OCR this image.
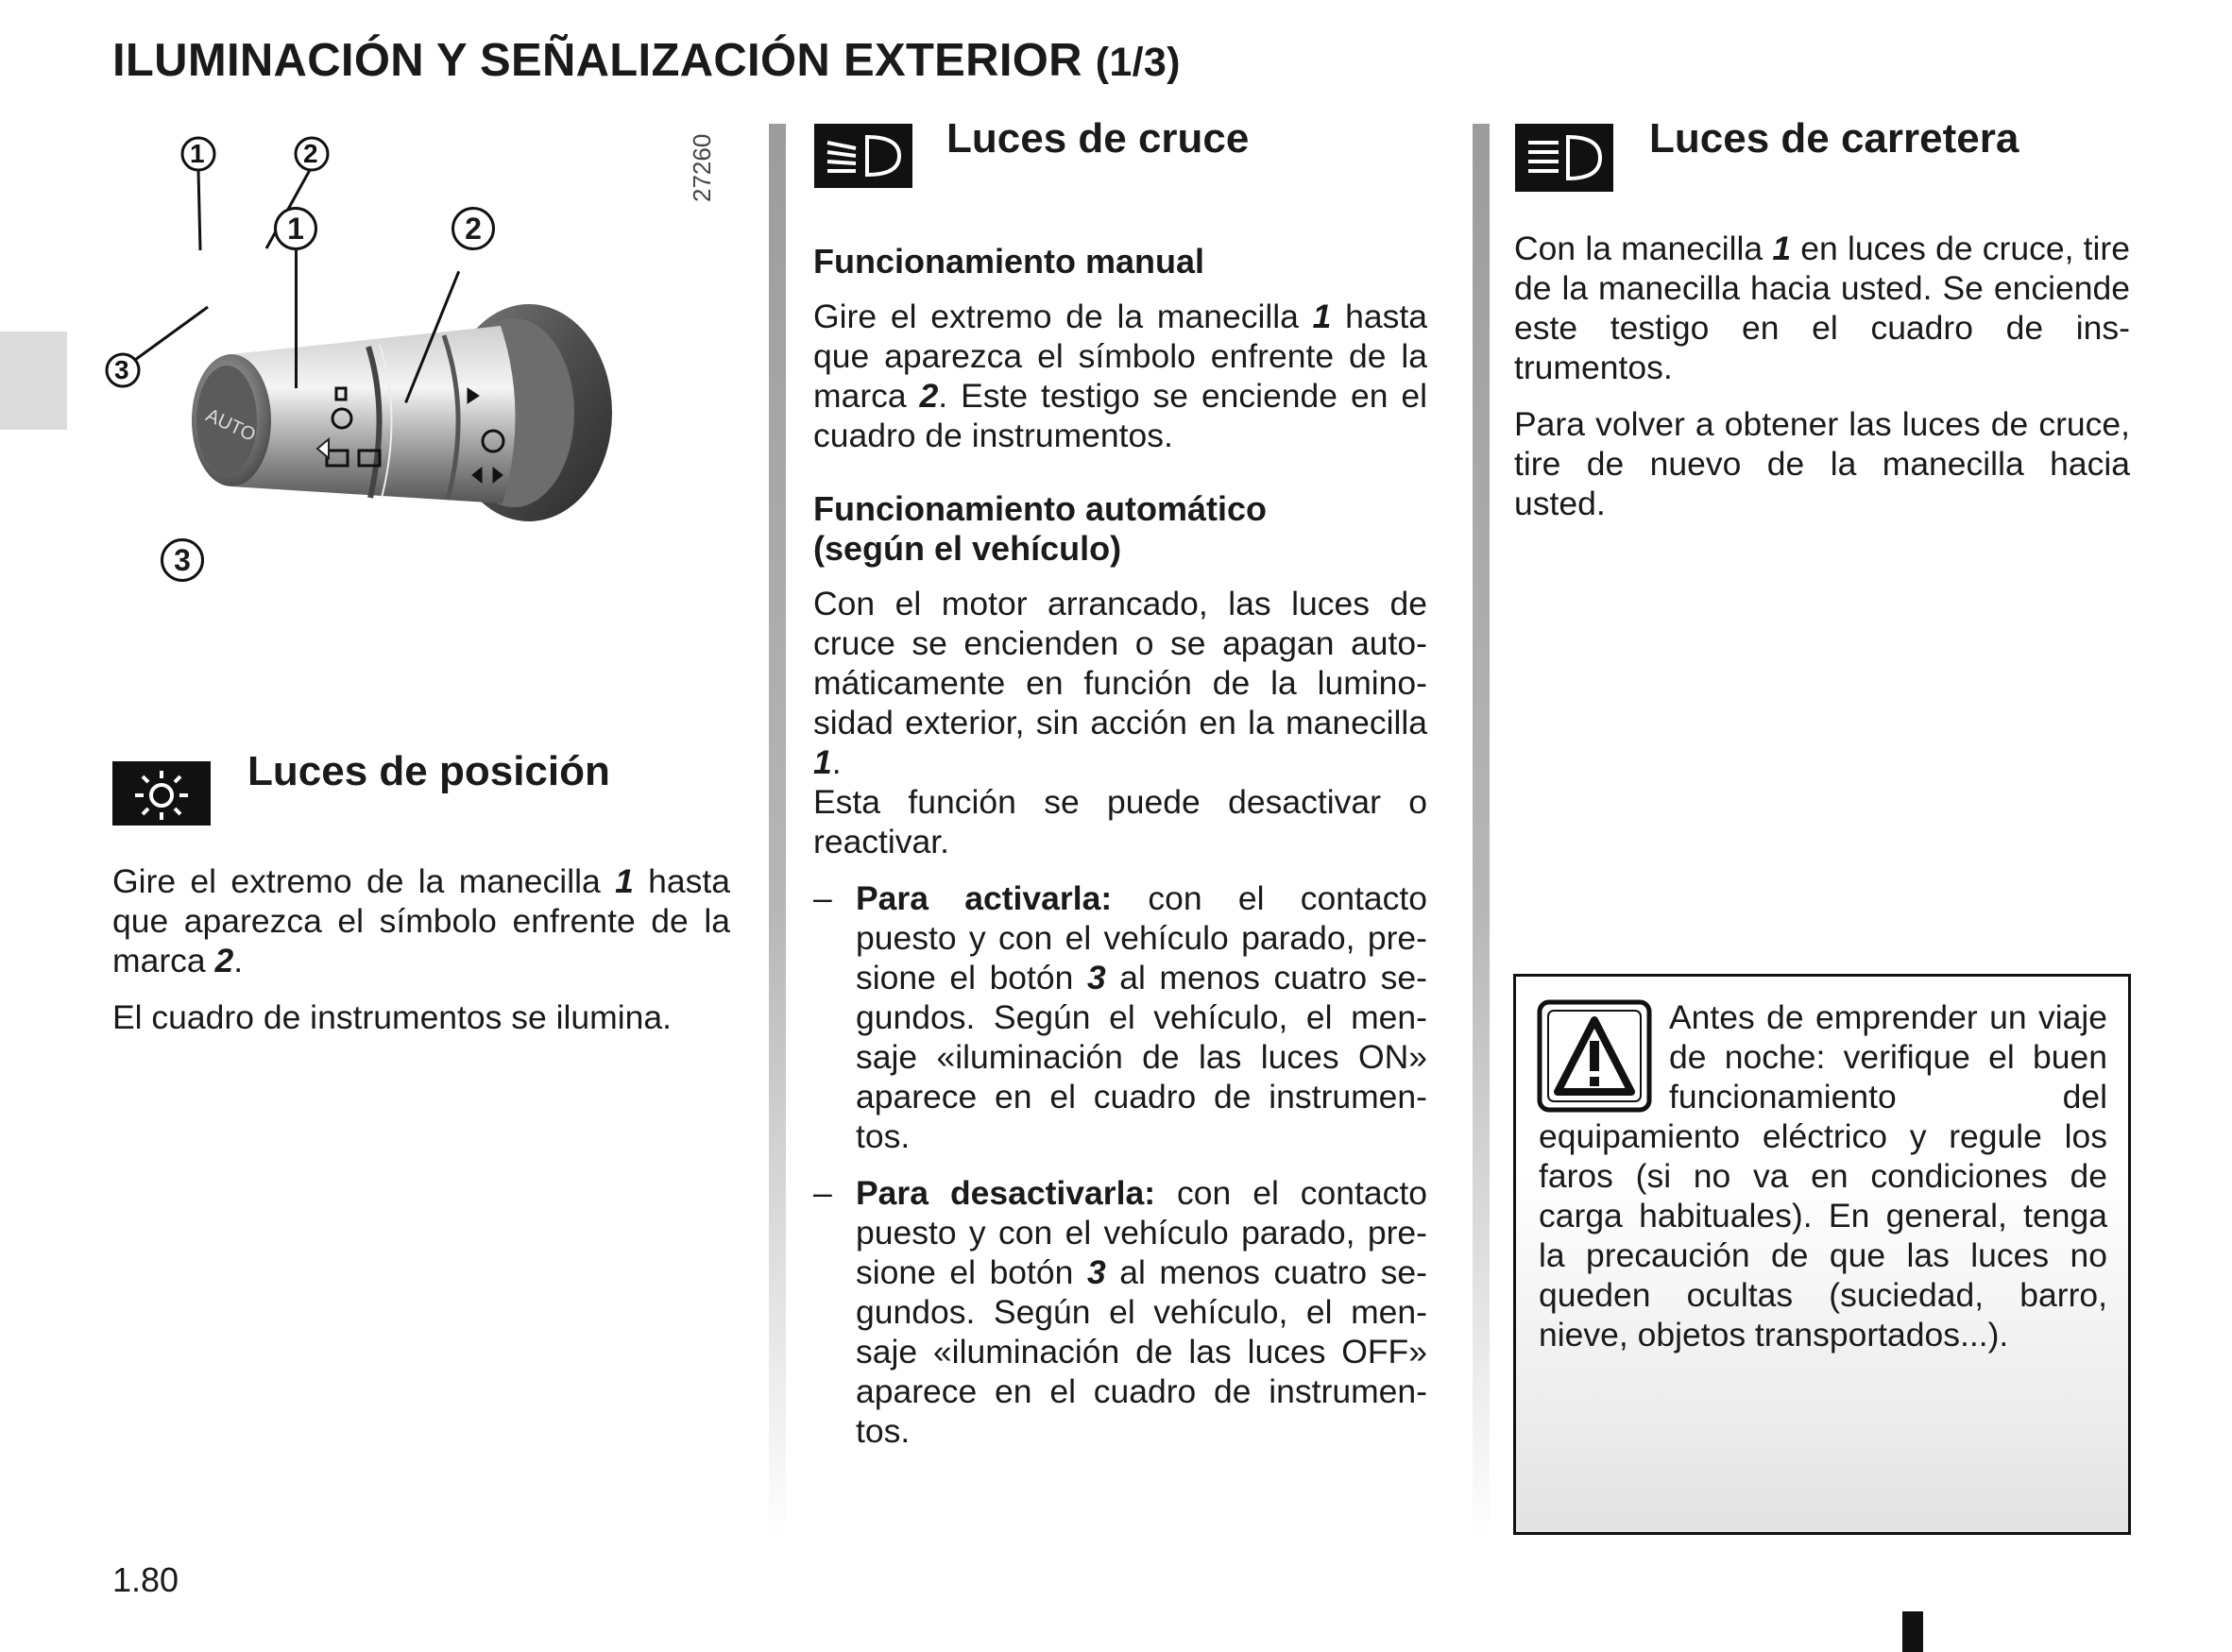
ILUMINACIÓN Y SEÑALIZACIÓN EXTERIOR (1/3)
27260
AUTO
1	2
3
1	2
3
Luces de posición

Gire el extremo de la manecilla 1 hasta que aparezca el símbolo enfrente de la marca 2.

El cuadro de instrumentos se ilumina.

Luces de cruce
Funcionamiento manual

Gire el extremo de la manecilla 1 hasta que aparezca el símbolo enfrente de la marca 2. Este testigo se enciende en el cuadro de instrumentos.

Funcionamiento automático
(según el vehículo)

Con el motor arrancado, las luces de cruce se encienden o se apagan automáticamente en función de la luminosidad exterior, sin acción en la manecilla 1.

Esta función se puede desactivar o reactivar.

– Para activarla: con el contacto puesto y con el vehículo parado, presione el botón 3 al menos cuatro segundos. Según el vehículo, el mensaje «iluminación de las luces ON» aparece en el cuadro de instrumentos.
– Para desactivarla: con el contacto puesto y con el vehículo parado, presione el botón 3 al menos cuatro segundos. Según el vehículo, el mensaje «iluminación de las luces OFF» aparece en el cuadro de instrumentos.
Luces de carretera

Con la manecilla 1 en luces de cruce, tire de la manecilla hacia usted. Se enciende este testigo en el cuadro de instrumentos.

Para volver a obtener las luces de cruce, tire de nuevo de la manecilla hacia usted.

Antes de emprender un viaje de noche: verifique el buen funcionamiento del equipamiento eléctrico y regule los faros (si no va en condiciones de carga habituales). En general, tenga la precaución de que las luces no queden ocultas (suciedad, barro, nieve, objetos transportados...).
1.80
